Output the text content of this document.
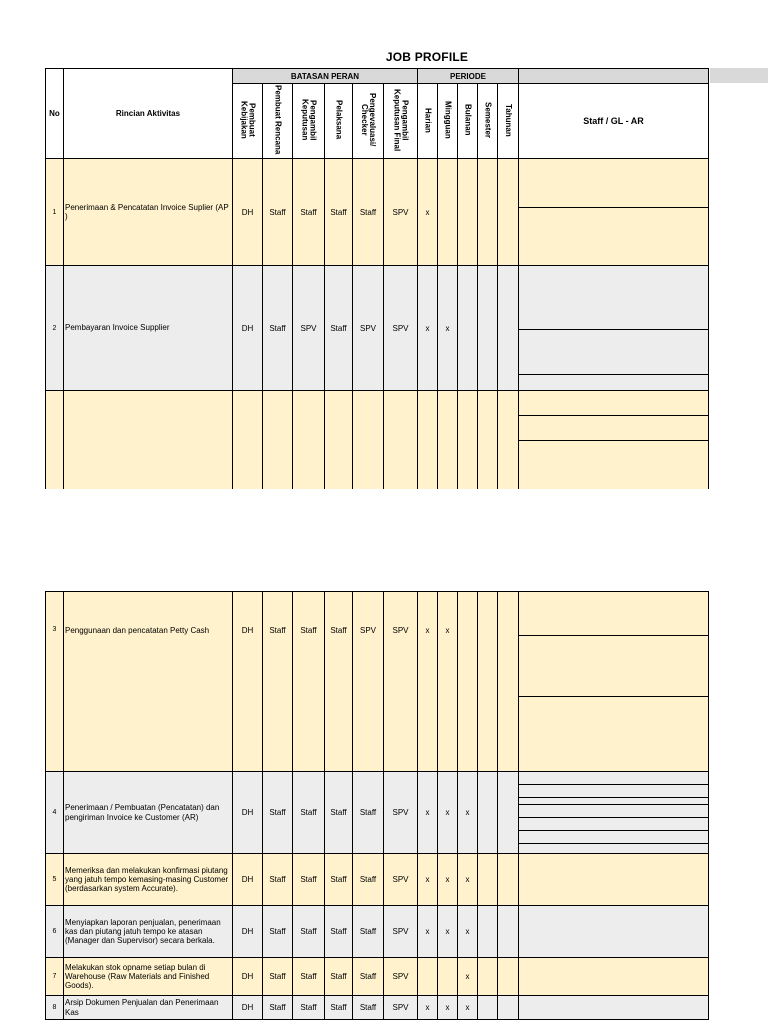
JOB PROFILE
No	Rincian Aktivitas	BATASAN PERAN						PERIODE					
		Pembuat Kebijakan	Pembuat Rencana	Pengambil Keputusan	Pelaksana	Pengevaluasi/ Checker	Pengambil Keputusan Final	Harian	Mingguan	Bulanan	Semester	Tahunan	Staff / GL - AR
1	Penerimaan & Pencatatan Invoice Suplier (AP )	DH	Staff	Staff	Staff	Staff	SPV	x					

2	Pembayaran Invoice Supplier	DH	Staff	SPV	Staff	SPV	SPV	x	x				

3	Penggunaan dan pencatatan Petty Cash	DH	Staff	Staff	Staff	SPV	SPV	x	x				

4	Penerimaan / Pembuatan (Pencatatan) dan pengiriman Invoice ke Customer (AR)	DH	Staff	Staff	Staff	Staff	SPV	x	x	x			

5	Memeriksa dan melakukan konfirmasi piutang yang jatuh tempo kemasing-masing Customer (berdasarkan system Accurate).	DH	Staff	Staff	Staff	Staff	SPV	x	x	x			
6	Menyiapkan laporan penjualan, penerimaan kas dan piutang jatuh tempo ke atasan (Manager dan Supervisor) secara berkala.	DH	Staff	Staff	Staff	Staff	SPV	x	x	x			
7	Melakukan stok opname setiap bulan di Warehouse (Raw Materials and Finished Goods).	DH	Staff	Staff	Staff	Staff	SPV			x			
8	Arsip Dokumen Penjualan dan Penerimaan Kas	DH	Staff	Staff	Staff	Staff	SPV	x	x	x			
